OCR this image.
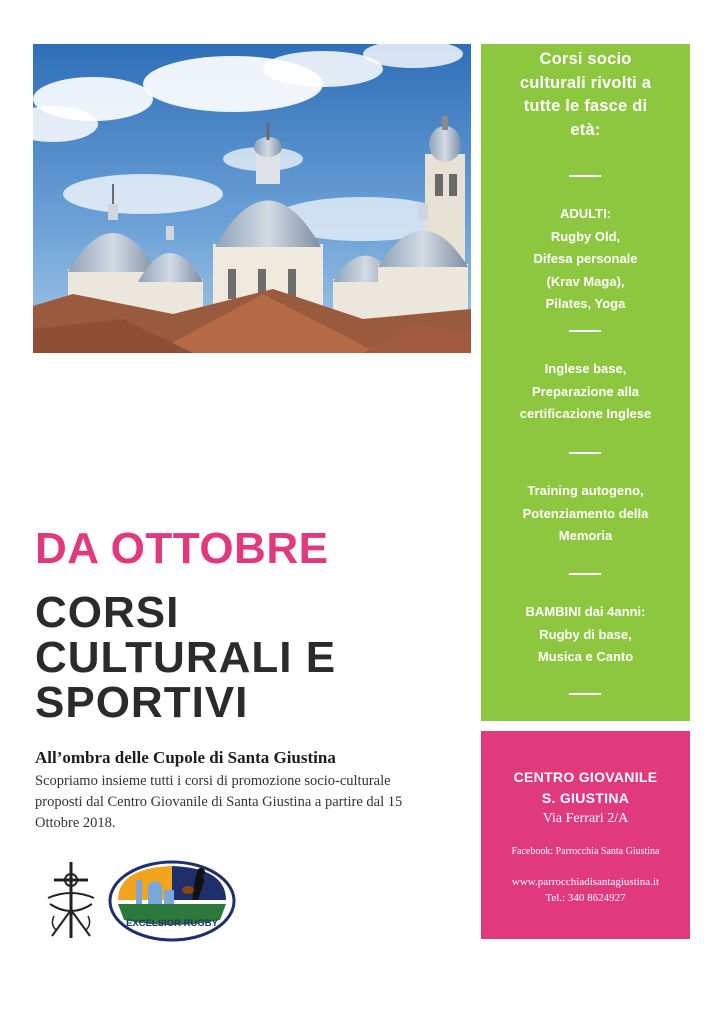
Corsi socio
culturali rivolti a
tutte le fasce di
età:
ADULTI:
Rugby Old,
Difesa personale
(Krav Maga),
Pilates, Yoga
Inglese base,
Preparazione alla
certificazione Inglese
Training autogeno,
Potenziamento della
Memoria
BAMBINI dai 4anni:
Rugby di base,
Musica e Canto
CENTRO GIOVANILE
S. GIUSTINA
Via Ferrari 2/A
Facebook: Parrocchia Santa Giustina
www.parrocchiadisantagiustina.it
Tel.: 340 8624927
DA OTTOBRE
CORSI
CULTURALI E
SPORTIVI
All’ombra delle Cupole di Santa Giustina
Scopriamo insieme tutti i corsi di promozione socio-culturale proposti dal Centro Giovanile di Santa Giustina a partire dal 15 Ottobre 2018.
EXCELSIOR RUGBY
